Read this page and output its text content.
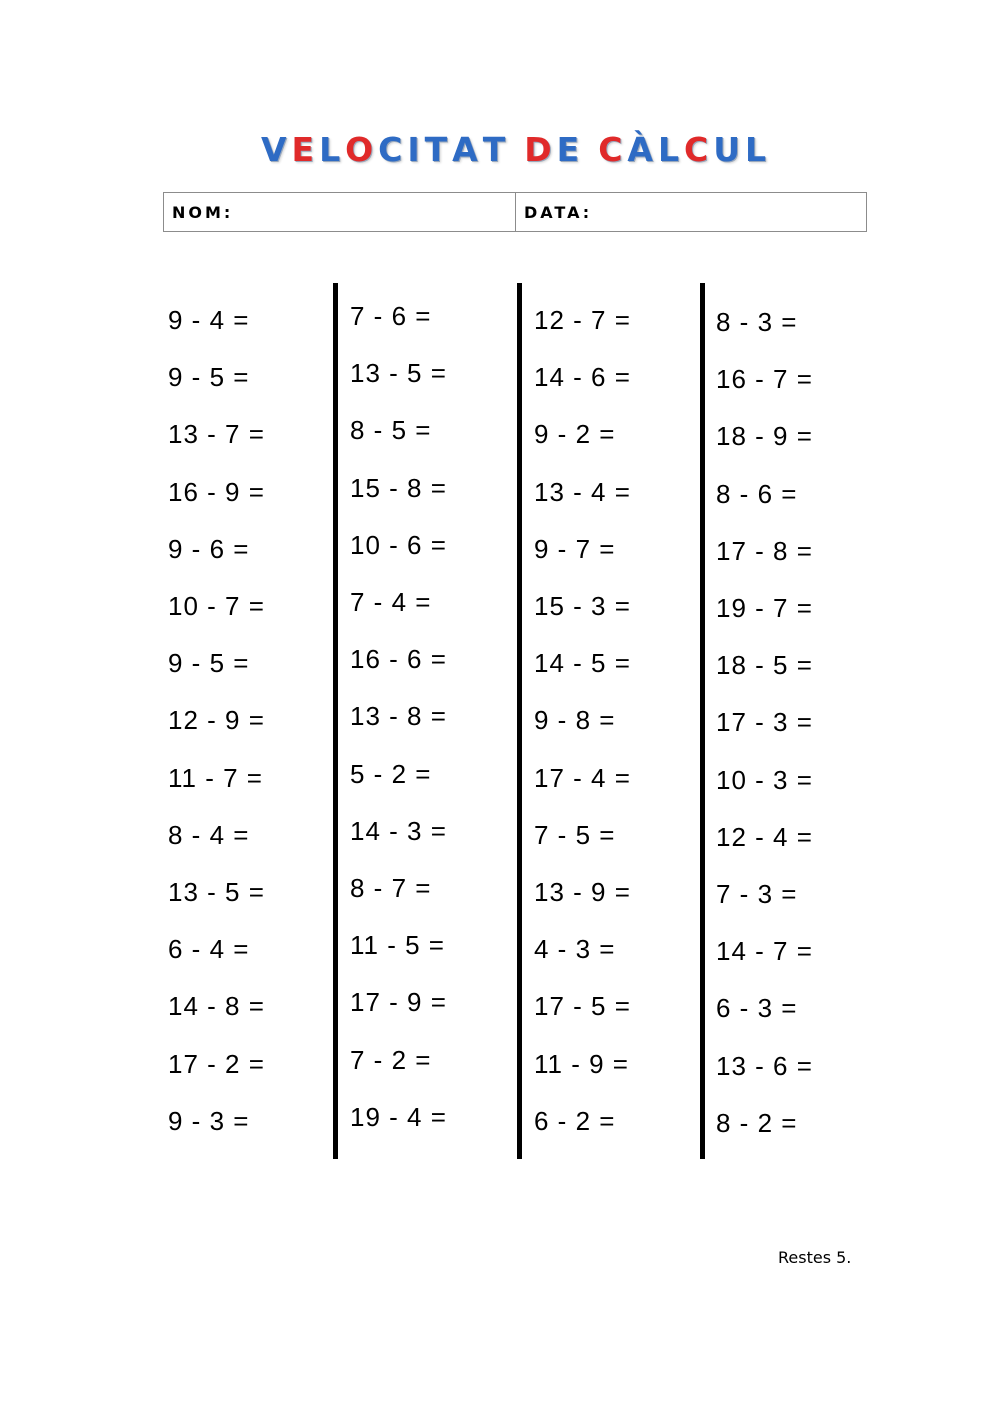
VELOCITAT DE CÀLCUL
NOM:	DATA:
9 - 4 =
9 - 5 =
13 - 7 =
16 - 9 =
9 - 6 =
10 - 7 =
9 - 5 =
12 - 9 =
11 - 7 =
8 - 4 =
13 - 5 =
6 - 4 =
14 - 8 =
17 - 2 =
9 - 3 =
7 - 6 =
13 - 5 =
8 - 5 =
15 - 8 =
10 - 6 =
7 - 4 =
16 - 6 =
13 - 8 =
5 - 2 =
14 - 3 =
8 - 7 =
11 - 5 =
17 - 9 =
7 - 2 =
19 - 4 =
12 - 7 =
14 - 6 =
9 - 2 =
13 - 4 =
9 - 7 =
15 - 3 =
14 - 5 =
9 - 8 =
17 - 4 =
7 - 5 =
13 - 9 =
4 - 3 =
17 - 5 =
11 - 9 =
6 - 2 =
8 - 3 =
16 - 7 =
18 - 9 =
8 - 6 =
17 - 8 =
19 - 7 =
18 - 5 =
17 - 3 =
10 - 3 =
12 - 4 =
7 - 3 =
14 - 7 =
6 - 3 =
13 - 6 =
8 - 2 =
Restes 5.
